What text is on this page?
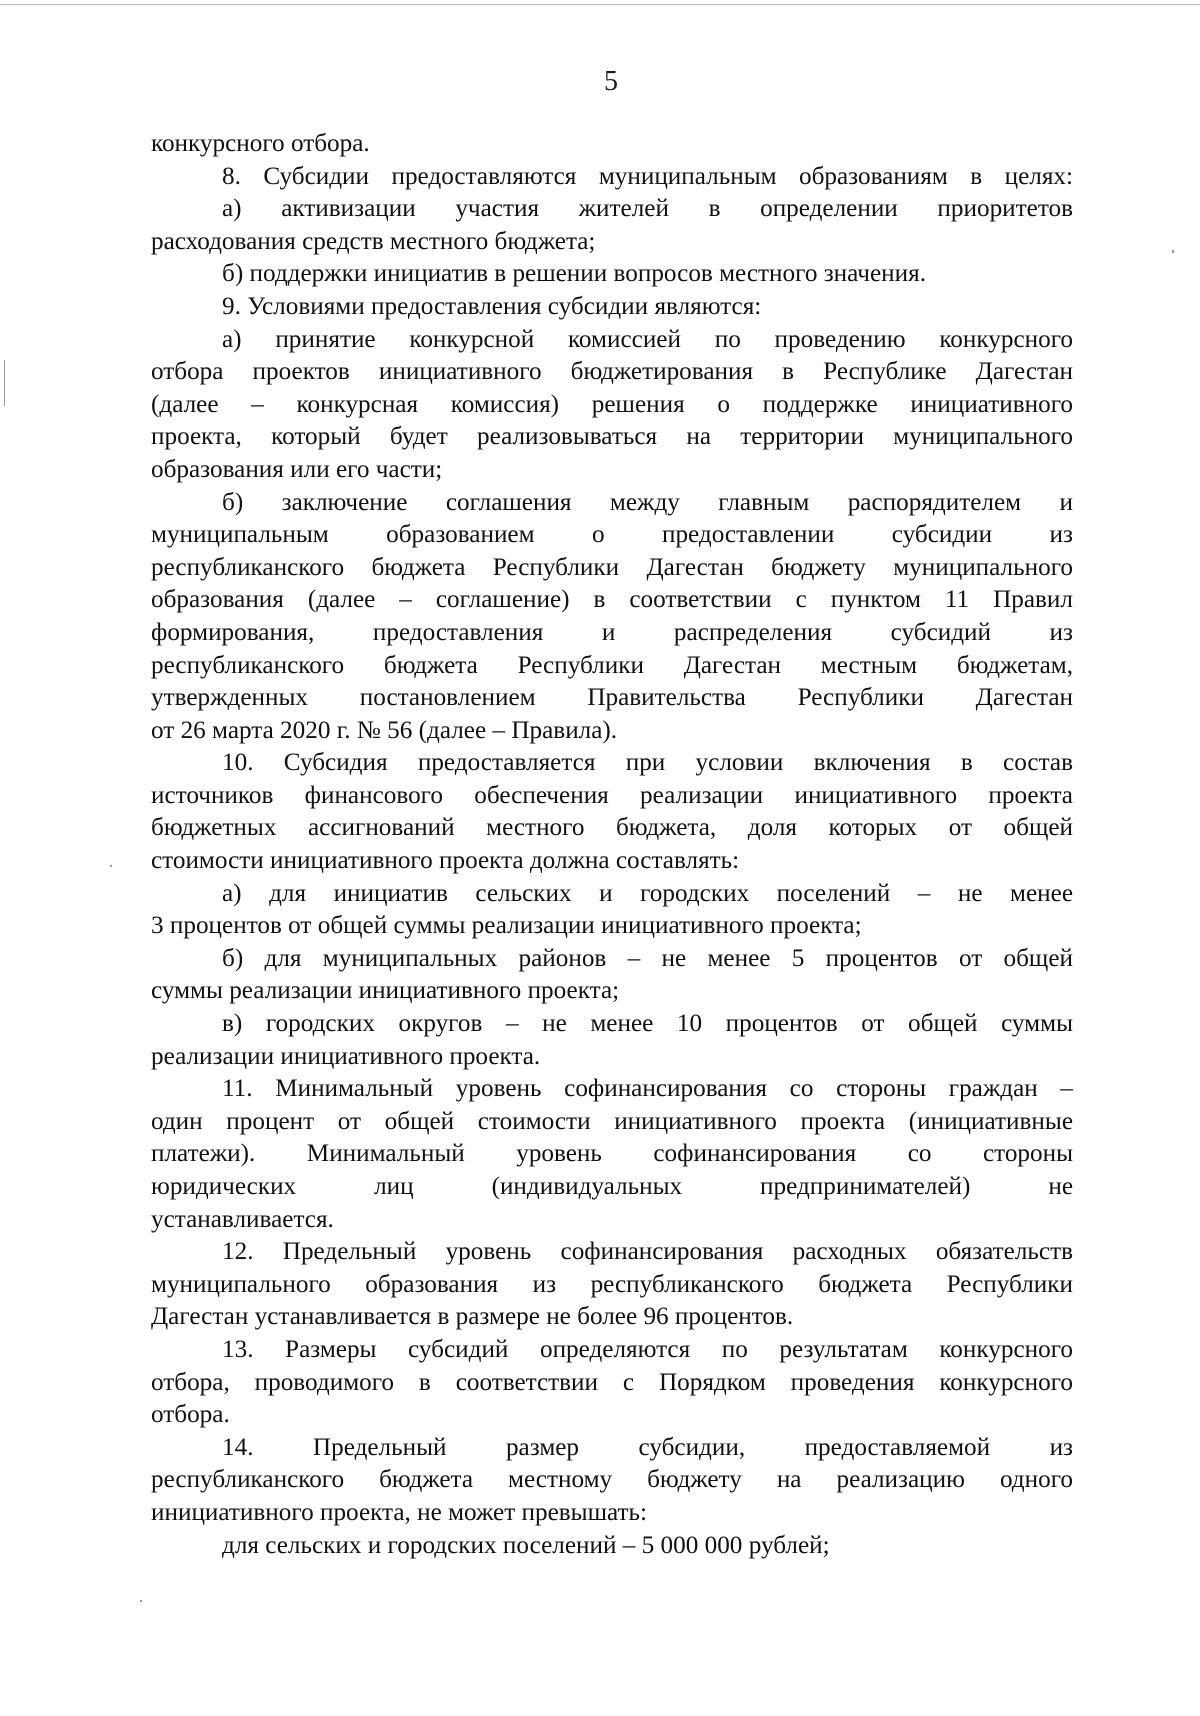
5
конкурсного отбора.
8. Субсидии предоставляются муниципальным образованиям в целях:
а) активизации участия жителей в определении приоритетов
расходования средств местного бюджета;
б) поддержки инициатив в решении вопросов местного значения.
9. Условиями предоставления субсидии являются:
а) принятие конкурсной комиссией по проведению конкурсного
отбора проектов инициативного бюджетирования в Республике Дагестан
(далее – конкурсная комиссия) решения о поддержке инициативного
проекта, который будет реализовываться на территории муниципального
образования или его части;
б) заключение соглашения между главным распорядителем и
муниципальным образованием о предоставлении субсидии из
республиканского бюджета Республики Дагестан бюджету муниципального
образования (далее – соглашение) в соответствии с пунктом 11 Правил
формирования, предоставления и распределения субсидий из
республиканского бюджета Республики Дагестан местным бюджетам,
утвержденных постановлением Правительства Республики Дагестан
от 26 марта 2020 г. № 56 (далее – Правила).
10. Субсидия предоставляется при условии включения в состав
источников финансового обеспечения реализации инициативного проекта
бюджетных ассигнований местного бюджета, доля которых от общей
стоимости инициативного проекта должна составлять:
а) для инициатив сельских и городских поселений – не менее
3 процентов от общей суммы реализации инициативного проекта;
б) для муниципальных районов – не менее 5 процентов от общей
суммы реализации инициативного проекта;
в) городских округов – не менее 10 процентов от общей суммы
реализации инициативного проекта.
11. Минимальный уровень софинансирования со стороны граждан –
один процент от общей стоимости инициативного проекта (инициативные
платежи). Минимальный уровень софинансирования со стороны
юридических лиц (индивидуальных предпринимателей) не
устанавливается.
12. Предельный уровень софинансирования расходных обязательств
муниципального образования из республиканского бюджета Республики
Дагестан устанавливается в размере не более 96 процентов.
13. Размеры субсидий определяются по результатам конкурсного
отбора, проводимого в соответствии с Порядком проведения конкурсного
отбора.
14. Предельный размер субсидии, предоставляемой из
республиканского бюджета местному бюджету на реализацию одного
инициативного проекта, не может превышать:
для сельских и городских поселений – 5 000 000 рублей;
